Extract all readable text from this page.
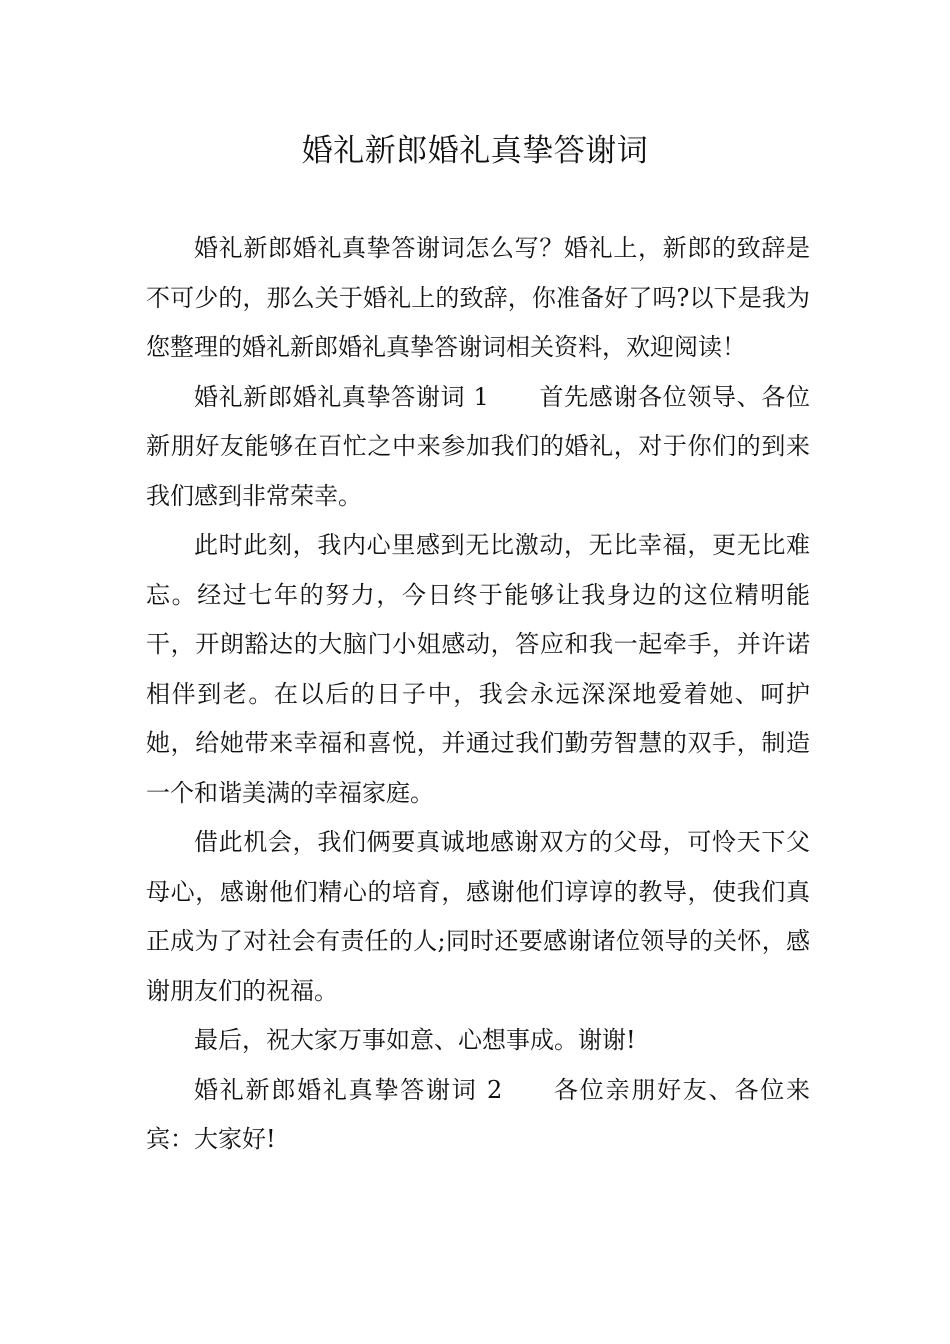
婚礼新郎婚礼真挚答谢词

婚礼新郎婚礼真挚答谢词怎么写？婚礼上，新郎的致辞是不可少的，那么关于婚礼上的致辞，你准备好了吗?以下是我为您整理的婚礼新郎婚礼真挚答谢词相关资料，欢迎阅读！

婚礼新郎婚礼真挚答谢词 1 首先感谢各位领导、各位新朋好友能够在百忙之中来参加我们的婚礼，对于你们的到来我们感到非常荣幸。

此时此刻，我内心里感到无比激动，无比幸福，更无比难忘。经过七年的努力，今日终于能够让我身边的这位精明能干，开朗豁达的大脑门小姐感动，答应和我一起牵手，并许诺相伴到老。在以后的日子中，我会永远深深地爱着她、呵护她，给她带来幸福和喜悦，并通过我们勤劳智慧的双手，制造一个和谐美满的幸福家庭。

借此机会，我们俩要真诚地感谢双方的父母，可怜天下父母心，感谢他们精心的培育，感谢他们谆谆的教导，使我们真正成为了对社会有责任的人;同时还要感谢诸位领导的关怀，感谢朋友们的祝福。

最后，祝大家万事如意、心想事成。谢谢!

婚礼新郎婚礼真挚答谢词 2 各位亲朋好友、各位来宾：大家好!
